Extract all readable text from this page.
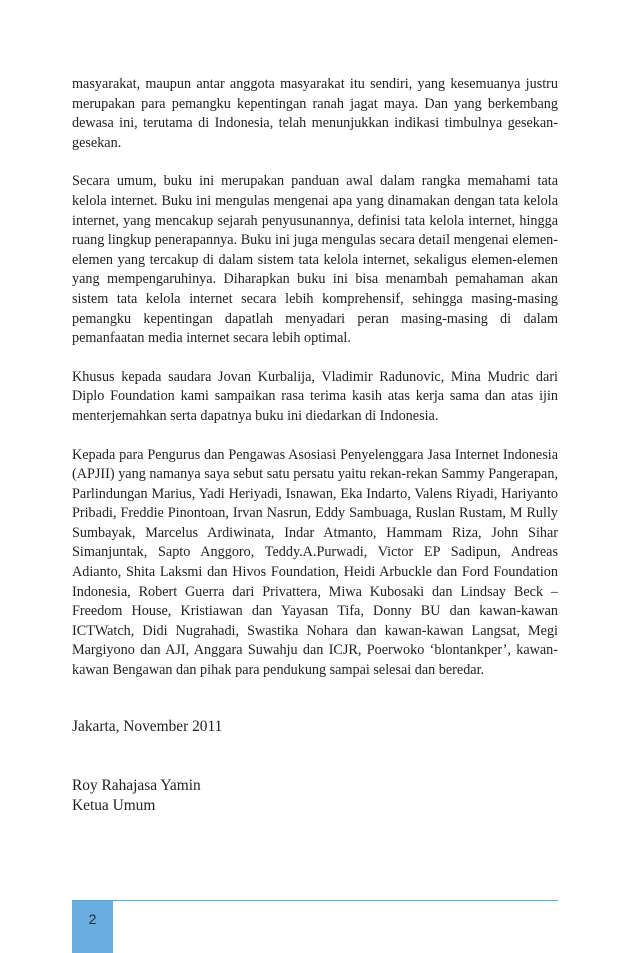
masyarakat, maupun antar anggota masyarakat itu sendiri, yang kesemuanya justru merupakan para pemangku kepentingan ranah jagat maya. Dan yang berkembang dewasa ini, terutama di Indonesia, telah menunjukkan indikasi timbulnya gesekan-gesekan.

Secara umum, buku ini merupakan panduan awal dalam rangka memahami tata kelola internet. Buku ini mengulas mengenai apa yang dinamakan dengan tata kelola internet, yang mencakup sejarah penyusunannya, definisi tata kelola internet, hingga ruang lingkup penerapannya. Buku ini juga mengulas secara detail mengenai elemen-elemen yang tercakup di dalam sistem tata kelola internet, sekaligus elemen-elemen yang mempengaruhinya. Diharapkan buku ini bisa menambah pemahaman akan sistem tata kelola internet secara lebih komprehensif, sehingga masing-masing pemangku kepentingan dapatlah menyadari peran masing-masing di dalam pemanfaatan media internet secara lebih optimal.

Khusus kepada saudara Jovan Kurbalija, Vladimir Radunovic, Mina Mudric dari Diplo Foundation kami sampaikan rasa terima kasih atas kerja sama dan atas ijin menterjemahkan serta dapatnya buku ini diedarkan di Indonesia.

Kepada para Pengurus dan Pengawas Asosiasi Penyelenggara Jasa Internet Indonesia (APJII) yang namanya saya sebut satu persatu yaitu rekan-rekan Sammy Pangerapan, Parlindungan Marius, Yadi Heriyadi, Isnawan, Eka Indarto, Valens Riyadi, Hariyanto Pribadi, Freddie Pinontoan, Irvan Nasrun, Eddy Sambuaga, Ruslan Rustam, M Rully Sumbayak, Marcelus Ardiwinata, Indar Atmanto, Hammam Riza, John Sihar Simanjuntak, Sapto Anggoro, Teddy.A.Purwadi, Victor EP Sadipun, Andreas Adianto, Shita Laksmi dan Hivos Foundation, Heidi Arbuckle dan Ford Foundation Indonesia, Robert Guerra dari Privattera, Miwa Kubosaki dan Lindsay Beck – Freedom House, Kristiawan dan Yayasan Tifa, Donny BU dan kawan-kawan ICTWatch, Didi Nugrahadi, Swastika Nohara dan kawan-kawan Langsat, Megi Margiyono dan AJI, Anggara Suwahju dan ICJR, Poerwoko ‘blontankper’, kawan-kawan Bengawan dan pihak para pendukung sampai selesai dan beredar.

Jakarta, November 2011

Roy Rahajasa Yamin
Ketua Umum
2
